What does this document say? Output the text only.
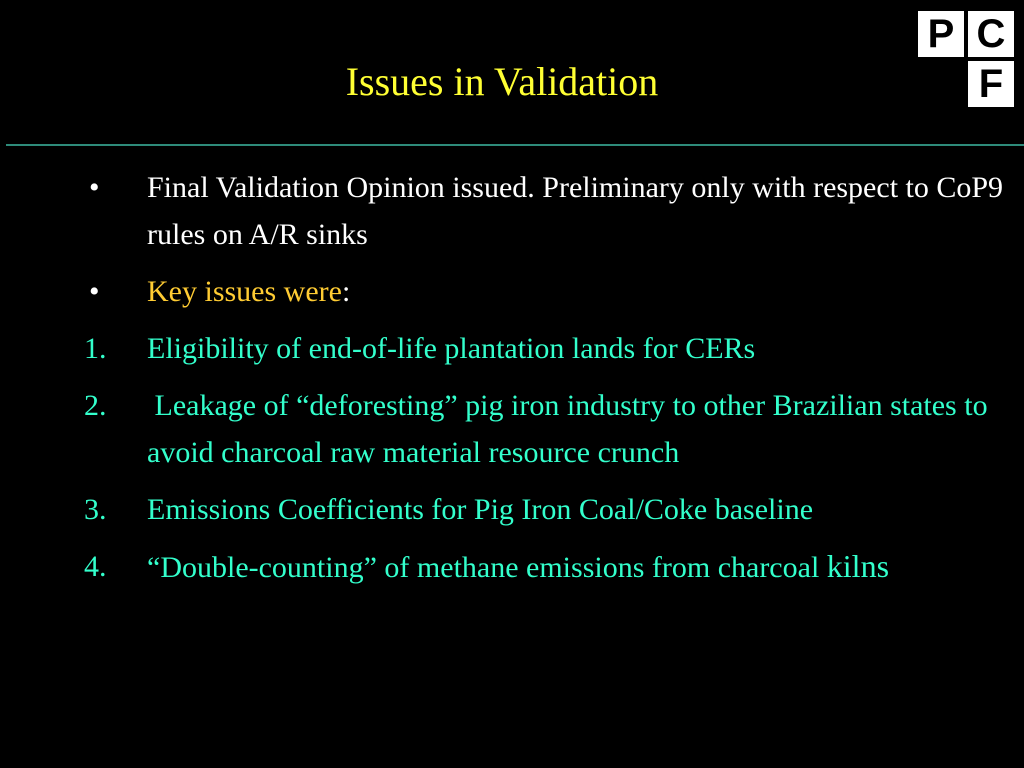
Issues in Validation
P C
F
•	Final Validation Opinion issued. Preliminary only with respect to CoP9 rules on A/R sinks
•	Key issues were:
1.	Eligibility of end-of-life plantation lands for CERs
2.	Leakage of “deforesting” pig iron industry to other Brazilian states to avoid charcoal raw material resource crunch
3.	Emissions Coefficients for Pig Iron Coal/Coke baseline
4.	“Double-counting” of methane emissions from charcoal kilns
